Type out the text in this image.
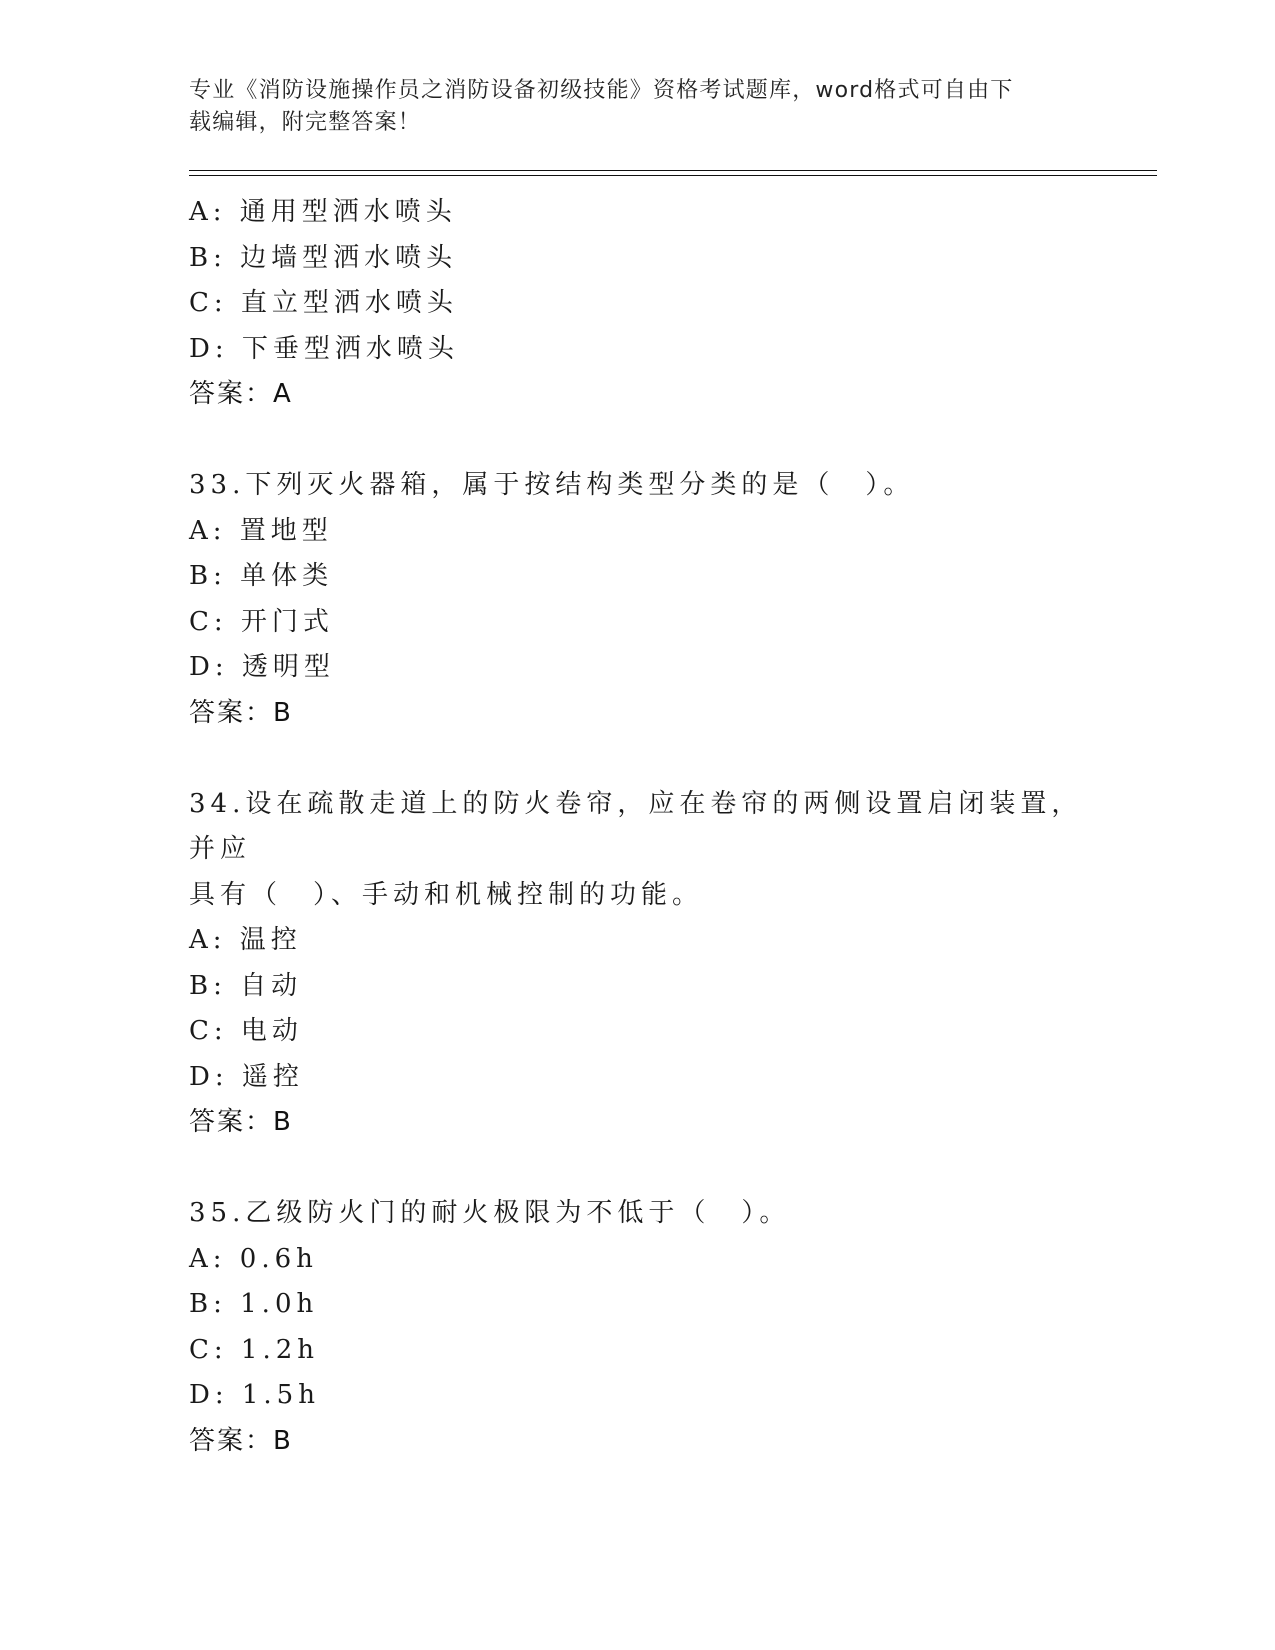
专业《消防设施操作员之消防设备初级技能》资格考试题库，word格式可自由下
载编辑，附完整答案！
A: 通用型洒水喷头
B: 边墙型洒水喷头
C: 直立型洒水喷头
D: 下垂型洒水喷头
答案：A
33.下列灭火器箱，属于按结构类型分类的是（　）。
A: 置地型
B: 单体类
C: 开门式
D: 透明型
答案：B
34.设在疏散走道上的防火卷帘，应在卷帘的两侧设置启闭装置，并应
具有（　）、手动和机械控制的功能。
A: 温控
B: 自动
C: 电动
D: 遥控
答案：B
35.乙级防火门的耐火极限为不低于（　）。
A: 0.6h
B: 1.0h
C: 1.2h
D: 1.5h
答案：B
